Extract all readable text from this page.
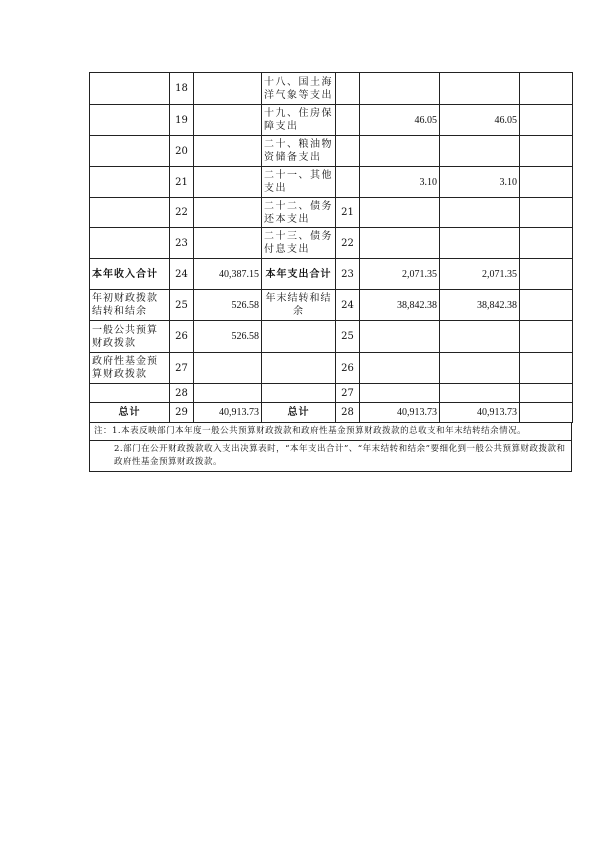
	18		十八、国土海洋气象等支出				
	19		十九、住房保障支出		46.05	46.05	
	20		二十、粮油物资储备支出				
	21		二十一、其他支出		3.10	3.10	
	22		二十二、债务还本支出	21			
	23		二十三、债务付息支出	22			
本年收入合计	24	40,387.15	本年支出合计	23	2,071.35	2,071.35	
年初财政拨款结转和结余	25	526.58	年末结转和结余	24	38,842.38	38,842.38	
一般公共预算财政拨款	26	526.58		25			
政府性基金预算财政拨款	27			26			
	28			27			
总计	29	40,913.73	总计	28	40,913.73	40,913.73	
注：1.本表反映部门本年度一般公共预算财政拨款和政府性基金预算财政拨款的总收支和年末结转结余情况。
2.部门在公开财政拨款收入支出决算表时，“本年支出合计”、“年末结转和结余”要细化到一般公共预算财政拨款和政府性基金预算财政拨款。
